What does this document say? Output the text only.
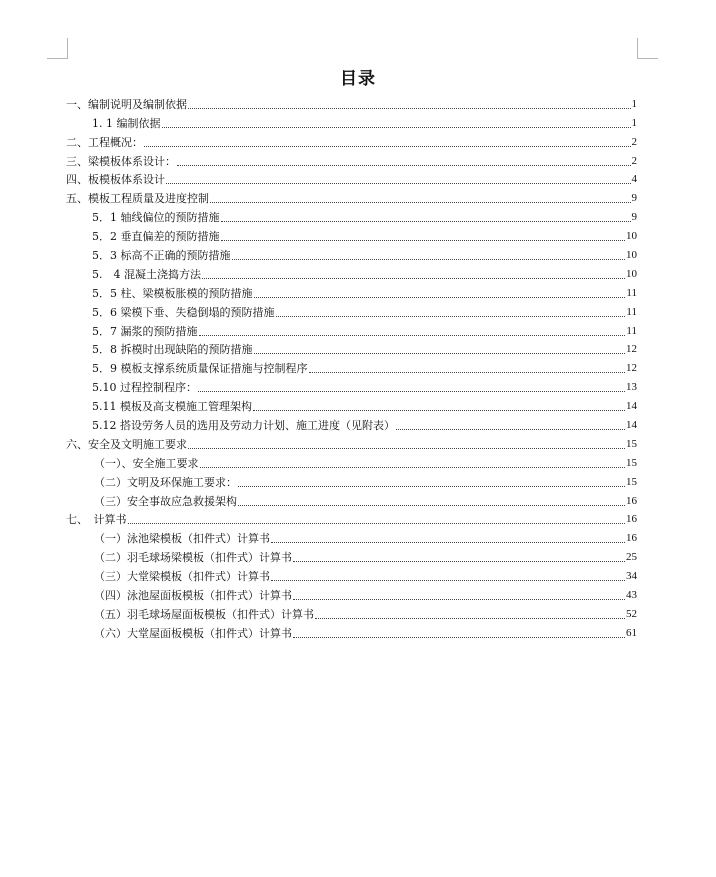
目录
一、编制说明及编制依据	1
1. 1 编制依据	1
二、工程概况：	2
三、梁模板体系设计：	2
四、板模板体系设计	4
五、模板工程质量及进度控制	9
5．1 轴线偏位的预防措施	9
5．2 垂直偏差的预防措施	10
5．3 标高不正确的预防措施	10
5.　4 混凝土浇捣方法	10
5．5 柱、梁模板胀模的预防措施	11
5．6 梁模下垂、失稳倒塌的预防措施	11
5．7 漏浆的预防措施	11
5．8 拆模时出现缺陷的预防措施	12
5．9 模板支撑系统质量保证措施与控制程序	12
5.10 过程控制程序：	13
5.11 模板及高支模施工管理架构	14
5.12 搭设劳务人员的选用及劳动力计划、施工进度（见附表）	14
六、安全及文明施工要求	15
（一）、安全施工要求	15
（二）文明及环保施工要求：	15
（三）安全事故应急救援架构	16
七、　计算书	16
（一）泳池梁模板（扣件式）计算书	16
（二）羽毛球场梁模板（扣件式）计算书	25
（三）大堂梁模板（扣件式）计算书	34
（四）泳池屋面板模板（扣件式）计算书	43
（五）羽毛球场屋面板模板（扣件式）计算书	52
（六）大堂屋面板模板（扣件式）计算书	61
